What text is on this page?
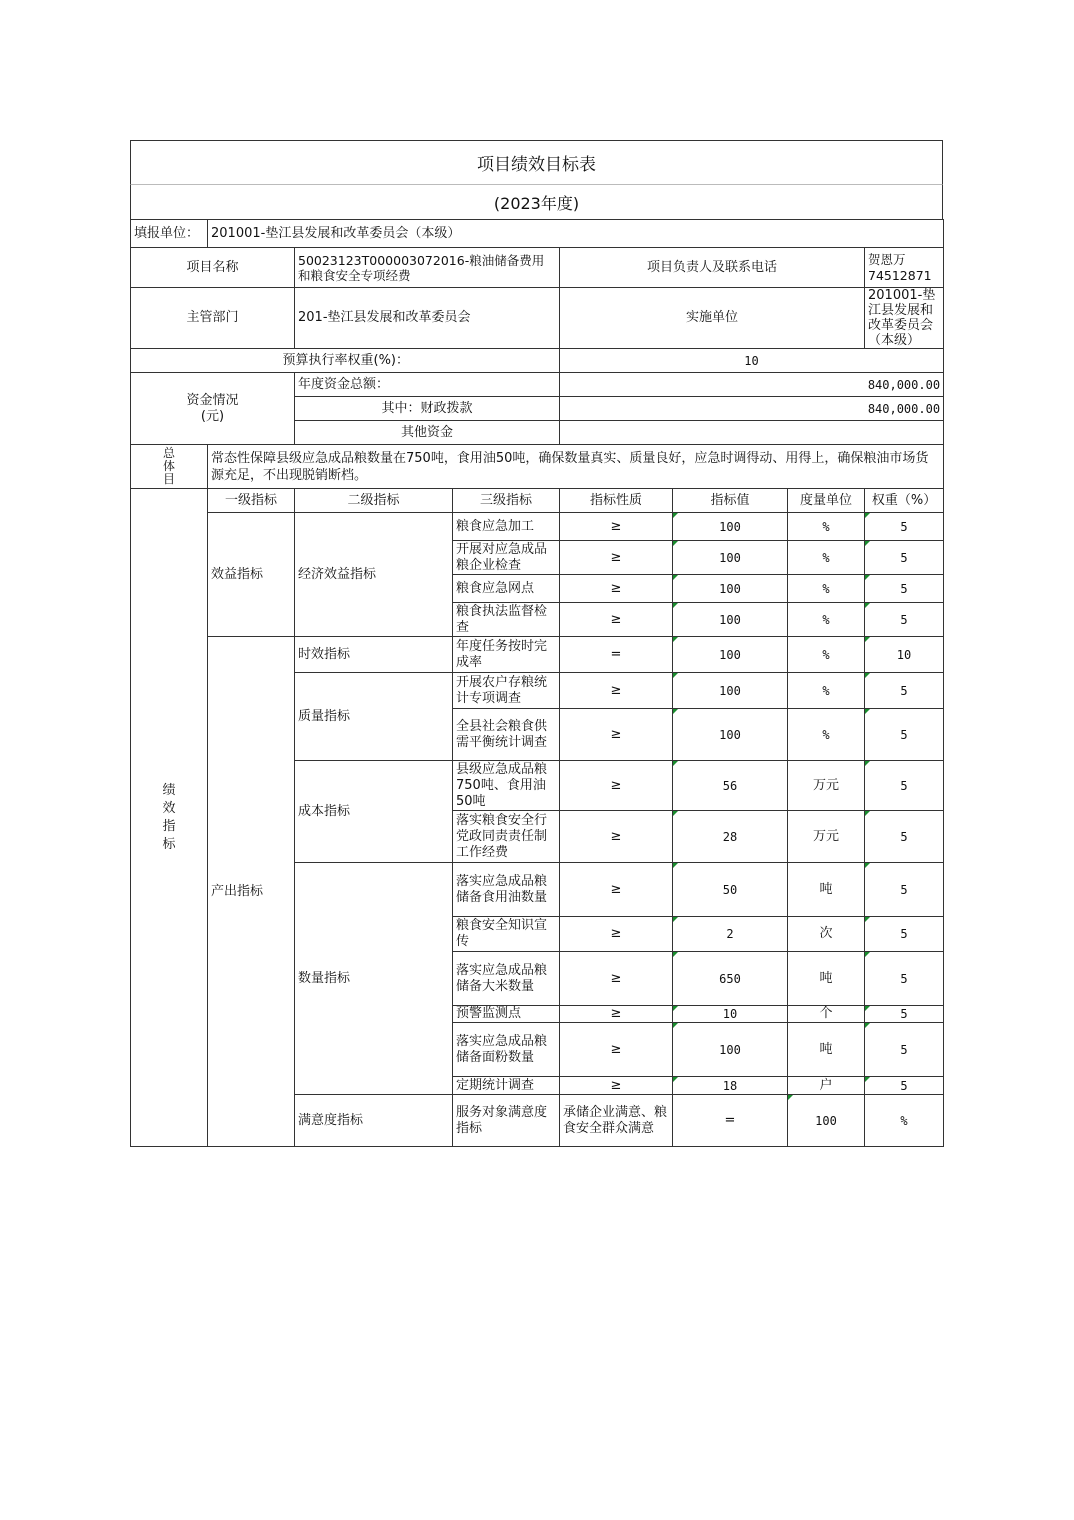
项目绩效目标表
(2023年度)
填报单位：	201001-垫江县发展和改革委员会（本级）							
项目名称		50023123T000003072016-粮油储备费用和粮食安全专项经费		项目负责人及联系电话			贺恩万74512871	
主管部门		201-垫江县发展和改革委员会		实施单位			201001-垫江县发展和改革委员会（本级）	
预算执行率权重(%)：				10				
资金情况
(元)		年度资金总额：		840,000.00				
		其中：财政拨款		840,000.00				
		其他资金						
总
体
目	常态性保障县级应急成品粮数量在750吨，食用油50吨，确保数量真实、质量良好，应急时调得动、用得上，确保粮油市场货源充足，不出现脱销断档。							
绩
效
指
标	一级指标	二级指标	三级指标	指标性质	指标值	度量单位	权重（%）	
	效益指标	经济效益指标	粮食应急加工	≥	100	%	5	
			开展对应急成品粮企业检查	≥	100	%	5	
			粮食应急网点	≥	100	%	5	
			粮食执法监督检查	≥	100	%	5	
	产出指标	时效指标	年度任务按时完成率	=	100	%	10	
		质量指标	开展农户存粮统计专项调查	≥	100	%	5	
			全县社会粮食供需平衡统计调查	≥	100	%	5	
		成本指标	县级应急成品粮750吨、食用油50吨	≥	56	万元	5	
			落实粮食安全行党政同责责任制工作经费	≥	28	万元	5	
		数量指标	落实应急成品粮储备食用油数量	≥	50	吨	5	
			粮食安全知识宣传	≥	2	次	5	
			落实应急成品粮储备大米数量	≥	650	吨	5	
			预警监测点	≥	10	个	5	
			落实应急成品粮储备面粉数量	≥	100	吨	5	
			定期统计调查	≥	18	户	5	
		满意度指标	服务对象满意度指标	承储企业满意、粮食安全群众满意	=	100	%	
